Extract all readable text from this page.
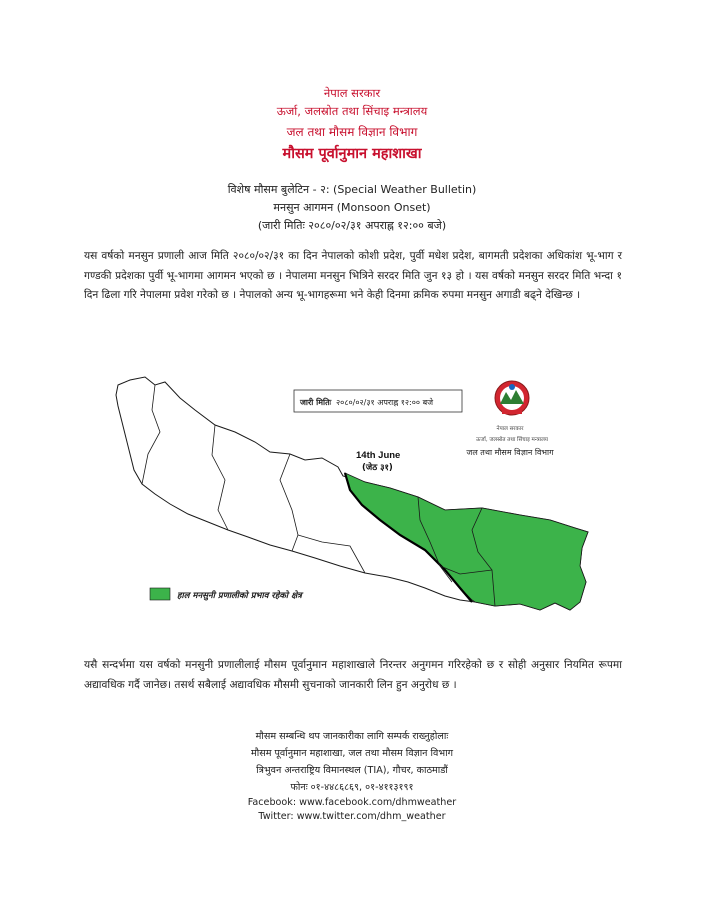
नेपाल सरकार
ऊर्जा, जलस्रोत तथा सिंचाइ मन्त्रालय
जल तथा मौसम विज्ञान विभाग
मौसम पूर्वानुमान महाशाखा
विशेष मौसम बुलेटिन - २: (Special Weather Bulletin)
मनसुन आगमन (Monsoon Onset)
(जारी मितिः २०८०/०२/३१ अपराह्न १२:०० बजे)

यस वर्षको मनसुन प्रणाली आज मिति २०८०/०२/३१ का दिन नेपालको कोशी प्रदेश, पुर्वी मधेश प्रदेश, बागमती प्रदेशका अधिकांश भू-भाग र गण्डकी प्रदेशका पुर्वी भू-भागमा आगमन भएको छ । नेपालमा मनसुन भित्रिने सरदर मिति जुन १३ हो । यस वर्षको मनसुन सरदर मिति भन्दा १ दिन ढिला गरि नेपालमा प्रवेश गरेको छ । नेपालको अन्य भू-भागहरूमा भने केही दिनमा क्रमिक रुपमा मनसुन अगाडी बढ्ने देखिन्छ ।

जारी मितिः २०८०/०२/३१ अपराह्न १२:०० बजे
14th June
(जेठ ३१)
नेपाल सरकार
ऊर्जा, जलस्रोत तथा सिंचाइ मन्त्रालय
जल तथा मौसम विज्ञान विभाग
हाल मनसुनी प्रणालीको प्रभाव रहेको क्षेत्र

यसै सन्दर्भमा यस वर्षको मनसुनी प्रणालीलाई मौसम पूर्वानुमान महाशाखाले निरन्तर अनुगमन गरिरहेको छ र सोही अनुसार नियमित रूपमा अद्यावधिक गर्दै जानेछ। तसर्थ सबैलाई अद्यावधिक मौसमी सुचनाको जानकारी लिन हुन अनुरोध छ ।

मौसम सम्बन्धि थप जानकारीका लागि सम्पर्क राख्नुहोलाः
मौसम पूर्वानुमान महाशाखा, जल तथा मौसम विज्ञान विभाग
त्रिभुवन अन्तराष्ट्रिय विमानस्थल (TIA), गौचर, काठमाडौं
फोनः ०१-४४८६८६९, ०१-४११३१९१
Facebook: www.facebook.com/dhmweather
Twitter: www.twitter.com/dhm_weather
